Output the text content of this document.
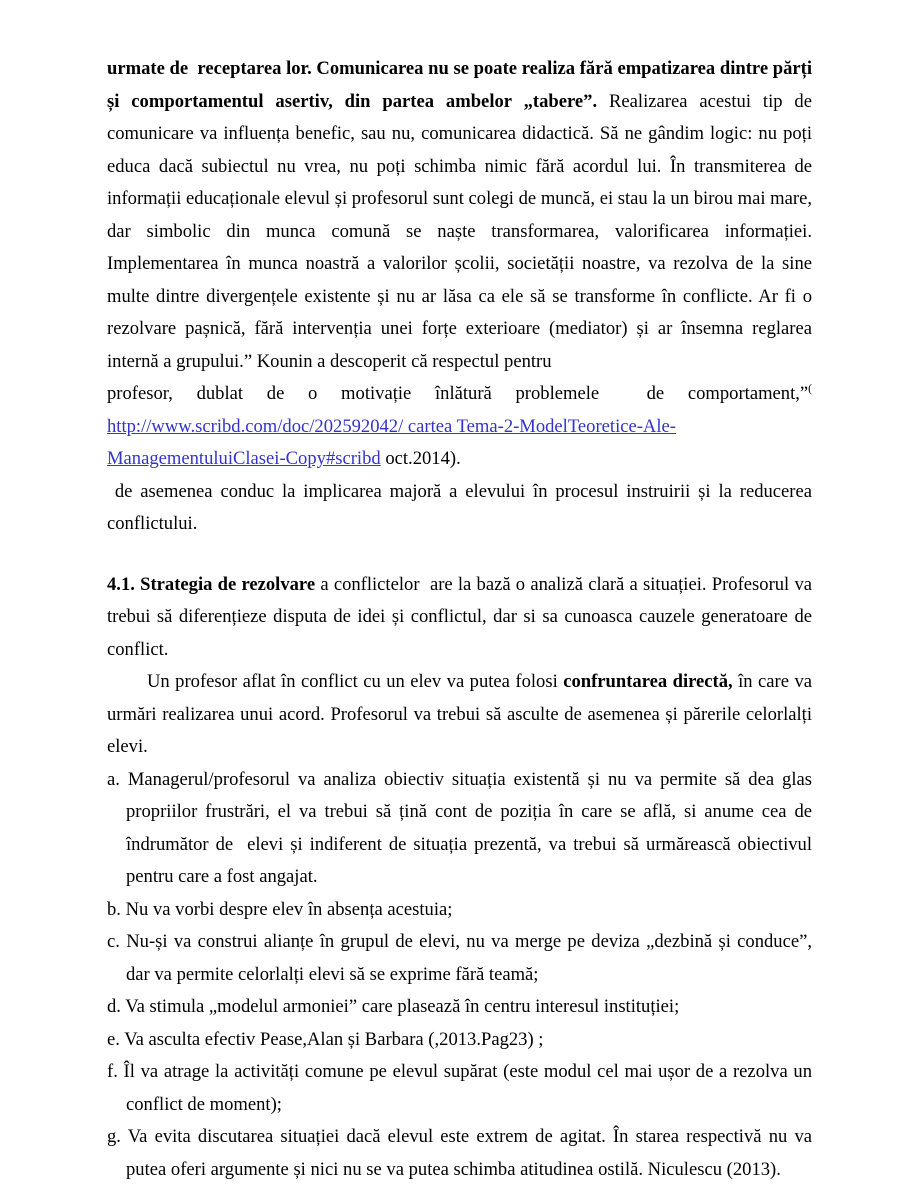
urmate de  receptarea lor. Comunicarea nu se poate realiza fără empatizarea dintre părți și comportamentul asertiv, din partea ambelor „tabere”. Realizarea acestui tip de comunicare va influența benefic, sau nu, comunicarea didactică. Să ne gândim logic: nu poți educa dacă subiectul nu vrea, nu poți schimba nimic fără acordul lui. În transmiterea de informații educaționale elevul și profesorul sunt colegi de muncă, ei stau la un birou mai mare, dar simbolic din munca comună se naște transformarea, valorificarea informației. Implementarea în munca noastră a valorilor școlii, societății noastre, va rezolva de la sine multe dintre divergențele existente și nu ar lăsa ca ele să se transforme în conflicte. Ar fi o rezolvare pașnică, fără intervenția unei forțe exterioare (mediator) și ar însemna reglarea internă a grupului.” Kounin a descoperit că respectul pentru
profesor, dublat de o motivație înlătură problemele  de comportament,”(
http://www.scribd.com/doc/202592042/ cartea Tema-2-ModelTeoretice-Ale-
ManagementuluiClasei-Copy#scribd oct.2014).
de asemenea conduc la implicarea majoră a elevului în procesul instruirii și la reducerea conflictului.
4.1. Strategia de rezolvare a conflictelor  are la bază o analiză clară a situației. Profesorul va trebui să diferențieze disputa de idei și conflictul, dar si sa cunoasca cauzele generatoare de conflict.
Un profesor aflat în conflict cu un elev va putea folosi confruntarea directă, în care va urmări realizarea unui acord. Profesorul va trebui să asculte de asemenea și părerile celorlalți elevi.
a. Managerul/profesorul va analiza obiectiv situația existentă și nu va permite să dea glas propriilor frustrări, el va trebui să țină cont de poziția în care se află, si anume cea de îndrumător de  elevi și indiferent de situația prezentă, va trebui să urmărească obiectivul pentru care a fost angajat.
b. Nu va vorbi despre elev în absența acestuia;
c. Nu-și va construi alianțe în grupul de elevi, nu va merge pe deviza „dezbină și conduce”, dar va permite celorlalți elevi să se exprime fără teamă;
d. Va stimula „modelul armoniei” care plasează în centru interesul instituției;
e. Va asculta efectiv Pease,Alan și Barbara (,2013.Pag23) ;
f. Îl va atrage la activități comune pe elevul supărat (este modul cel mai ușor de a rezolva un conflict de moment);
g. Va evita discutarea situației dacă elevul este extrem de agitat. În starea respectivă nu va putea oferi argumente și nici nu se va putea schimba atitudinea ostilă. Niculescu (2013).
